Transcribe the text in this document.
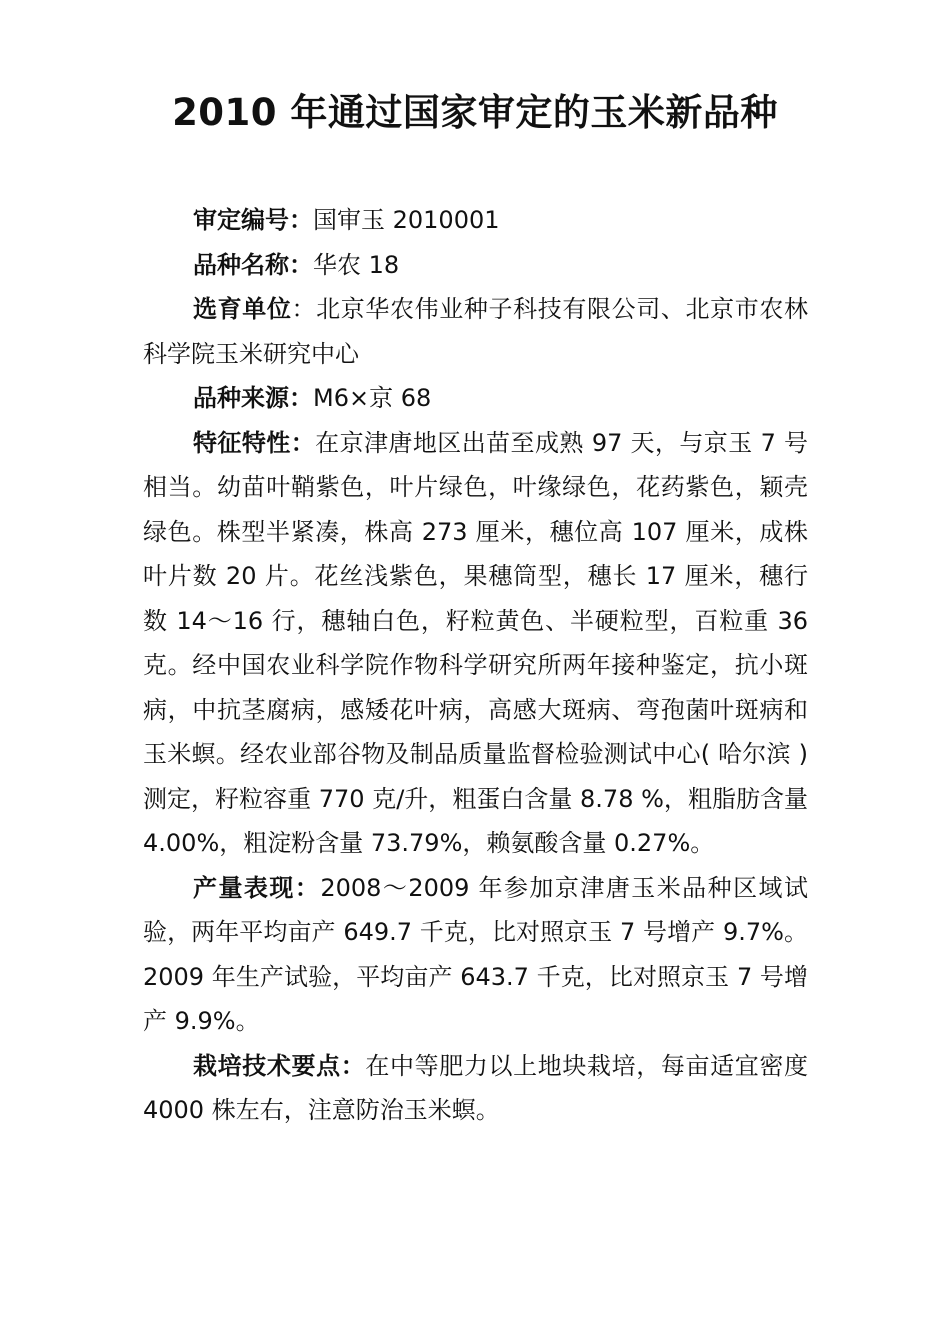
2010 年通过国家审定的玉米新品种

审定编号：国审玉 2010001

品种名称：华农 18

选育单位：北京华农伟业种子科技有限公司、北京市农林科学院玉米研究中心

品种来源：M6×京 68

特征特性：在京津唐地区出苗至成熟 97 天，与京玉 7 号相当。幼苗叶鞘紫色，叶片绿色，叶缘绿色，花药紫色，颖壳绿色。株型半紧凑，株高 273 厘米，穗位高 107 厘米，成株叶片数 20 片。花丝浅紫色，果穗筒型，穗长 17 厘米，穗行数 14～16 行，穗轴白色，籽粒黄色、半硬粒型，百粒重 36 克。经中国农业科学院作物科学研究所两年接种鉴定，抗小斑病，中抗茎腐病，感矮花叶病，高感大斑病、弯孢菌叶斑病和玉米螟。经农业部谷物及制品质量监督检验测试中心( 哈尔滨 )测定，籽粒容重 770 克/升，粗蛋白含量 8.78 %，粗脂肪含量 4.00%，粗淀粉含量 73.79%，赖氨酸含量 0.27%。

产量表现：2008～2009 年参加京津唐玉米品种区域试验，两年平均亩产 649.7 千克，比对照京玉 7 号增产 9.7%。2009 年生产试验，平均亩产 643.7 千克，比对照京玉 7 号增产 9.9%。

栽培技术要点：在中等肥力以上地块栽培，每亩适宜密度 4000 株左右，注意防治玉米螟。
